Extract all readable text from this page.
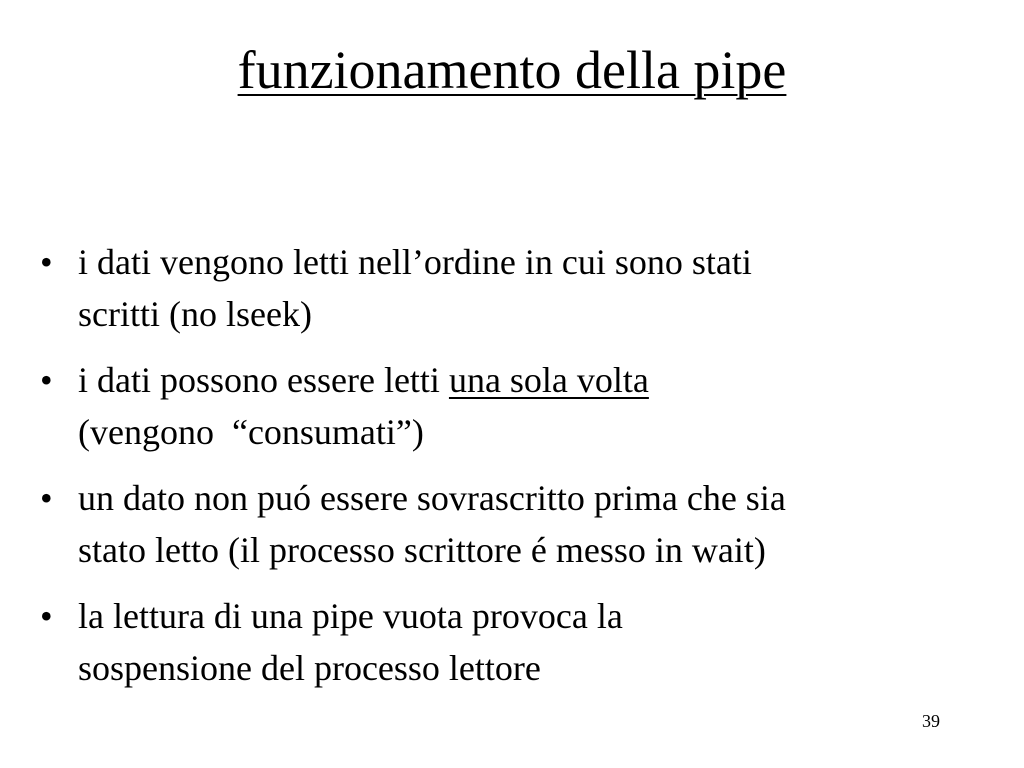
funzionamento della pipe
• i dati vengono letti nell’ordine in cui sono stati
scritti (no lseek)
• i dati possono essere letti una sola volta
(vengono  “consumati”)
• un dato non puó essere sovrascritto prima che sia
stato letto (il processo scrittore é messo in wait)
• la lettura di una pipe vuota provoca la
sospensione del processo lettore
39
